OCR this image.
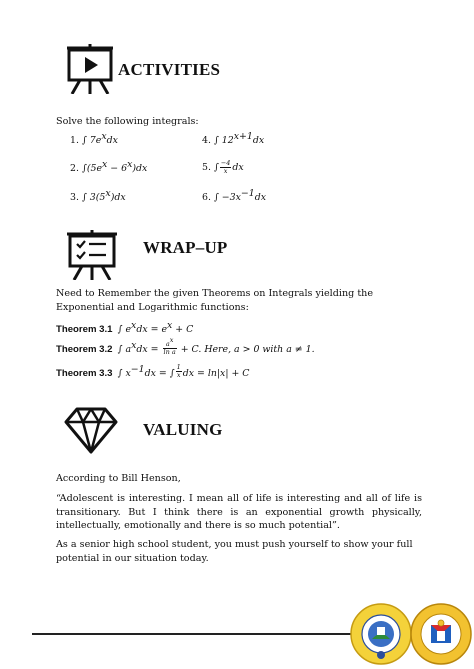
ACTIVITIES

Solve the following integrals:

1. ∫ $7e^xdx$	4. ∫ $12^{x+1}dx$
2. $\int(5e^x - 6^x)dx$	5. ∫ $\frac{-4}{x}$ dx
3. ∫ 3(5$^x$)dx	6. ∫ $-3x^{-1}dx$
WRAP–UP

Need to Remember the given Theorems on Integrals yielding the Exponential and Logarithmic functions:

Theorem 3.1 ∫ $e^xdx = e^x + C$
Theorem 3.2 ∫ $a^xdx = \frac{a^x}{\text{ln a}} + C$. Here, a > 0 with a ≠ 1.
Theorem 3.3 ∫ $x^{-1}dx$ = ∫ $\frac{1}{x}$ dx = ln|x| + C
VALUING

According to Bill Henson,

“Adolescent is interesting. I mean all of life is interesting and all of life is transitionary. But I think there is an exponential growth physically, intellectually, emotionally and there is so much potential”.

As a senior high school student, you must push yourself to show your full potential in our situation today.
